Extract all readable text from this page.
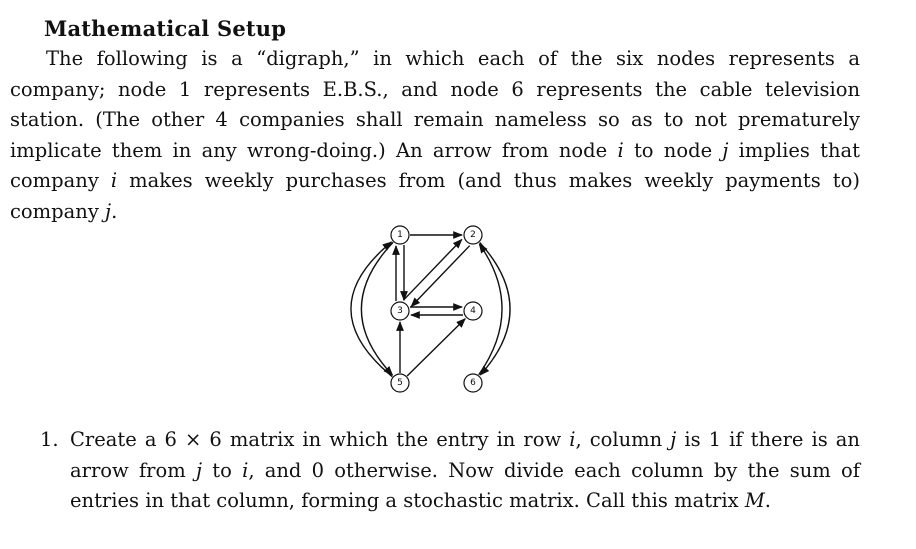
Mathematical Setup
The following is a “digraph,” in which each of the six nodes represents a company; node 1 represents E.B.S., and node 6 represents the cable television station. (The other 4 companies shall remain nameless so as to not prematurely implicate them in any wrong-doing.) An arrow from node i to node j implies that company i makes weekly purchases from (and thus makes weekly payments to) company j.
1	2
3	4
5	6
1. Create a 6 × 6 matrix in which the entry in row i, column j is 1 if there is an arrow from j to i, and 0 otherwise. Now divide each column by the sum of entries in that column, forming a stochastic matrix. Call this matrix M.
